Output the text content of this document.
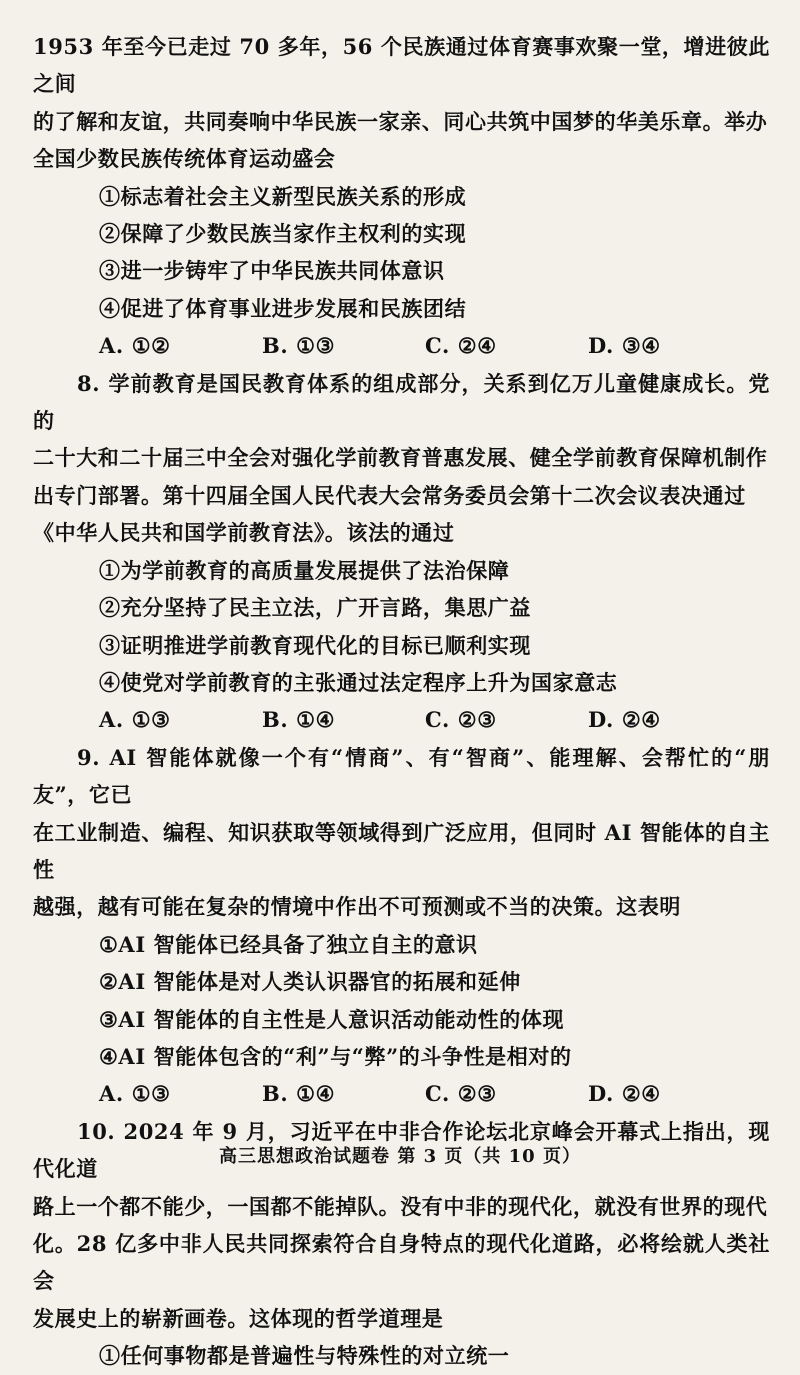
1953 年至今已走过 70 多年，56 个民族通过体育赛事欢聚一堂，增进彼此之间

的了解和友谊，共同奏响中华民族一家亲、同心共筑中国梦的华美乐章。举办

全国少数民族传统体育运动盛会

①标志着社会主义新型民族关系的形成

②保障了少数民族当家作主权利的实现

③进一步铸牢了中华民族共同体意识

④促进了体育事业进步发展和民族团结

A. ①②	B. ①③	C. ②④	D. ③④

8. 学前教育是国民教育体系的组成部分，关系到亿万儿童健康成长。党的

二十大和二十届三中全会对强化学前教育普惠发展、健全学前教育保障机制作

出专门部署。第十四届全国人民代表大会常务委员会第十二次会议表决通过

《中华人民共和国学前教育法》。该法的通过

①为学前教育的高质量发展提供了法治保障

②充分坚持了民主立法，广开言路，集思广益

③证明推进学前教育现代化的目标已顺利实现

④使党对学前教育的主张通过法定程序上升为国家意志

A. ①③	B. ①④	C. ②③	D. ②④

9. AI 智能体就像一个有“情商”、有“智商”、能理解、会帮忙的“朋友”，它已

在工业制造、编程、知识获取等领域得到广泛应用，但同时 AI 智能体的自主性

越强，越有可能在复杂的情境中作出不可预测或不当的决策。这表明

①AI 智能体已经具备了独立自主的意识

②AI 智能体是对人类认识器官的拓展和延伸

③AI 智能体的自主性是人意识活动能动性的体现

④AI 智能体包含的“利”与“弊”的斗争性是相对的

A. ①③	B. ①④	C. ②③	D. ②④

10. 2024 年 9 月，习近平在中非合作论坛北京峰会开幕式上指出，现代化道

路上一个都不能少，一国都不能掉队。没有中非的现代化，就没有世界的现代

化。28 亿多中非人民共同探索符合自身特点的现代化道路，必将绘就人类社会

发展史上的崭新画卷。这体现的哲学道理是

①任何事物都是普遍性与特殊性的对立统一

高三思想政治试题卷 第 3 页（共 10 页）
